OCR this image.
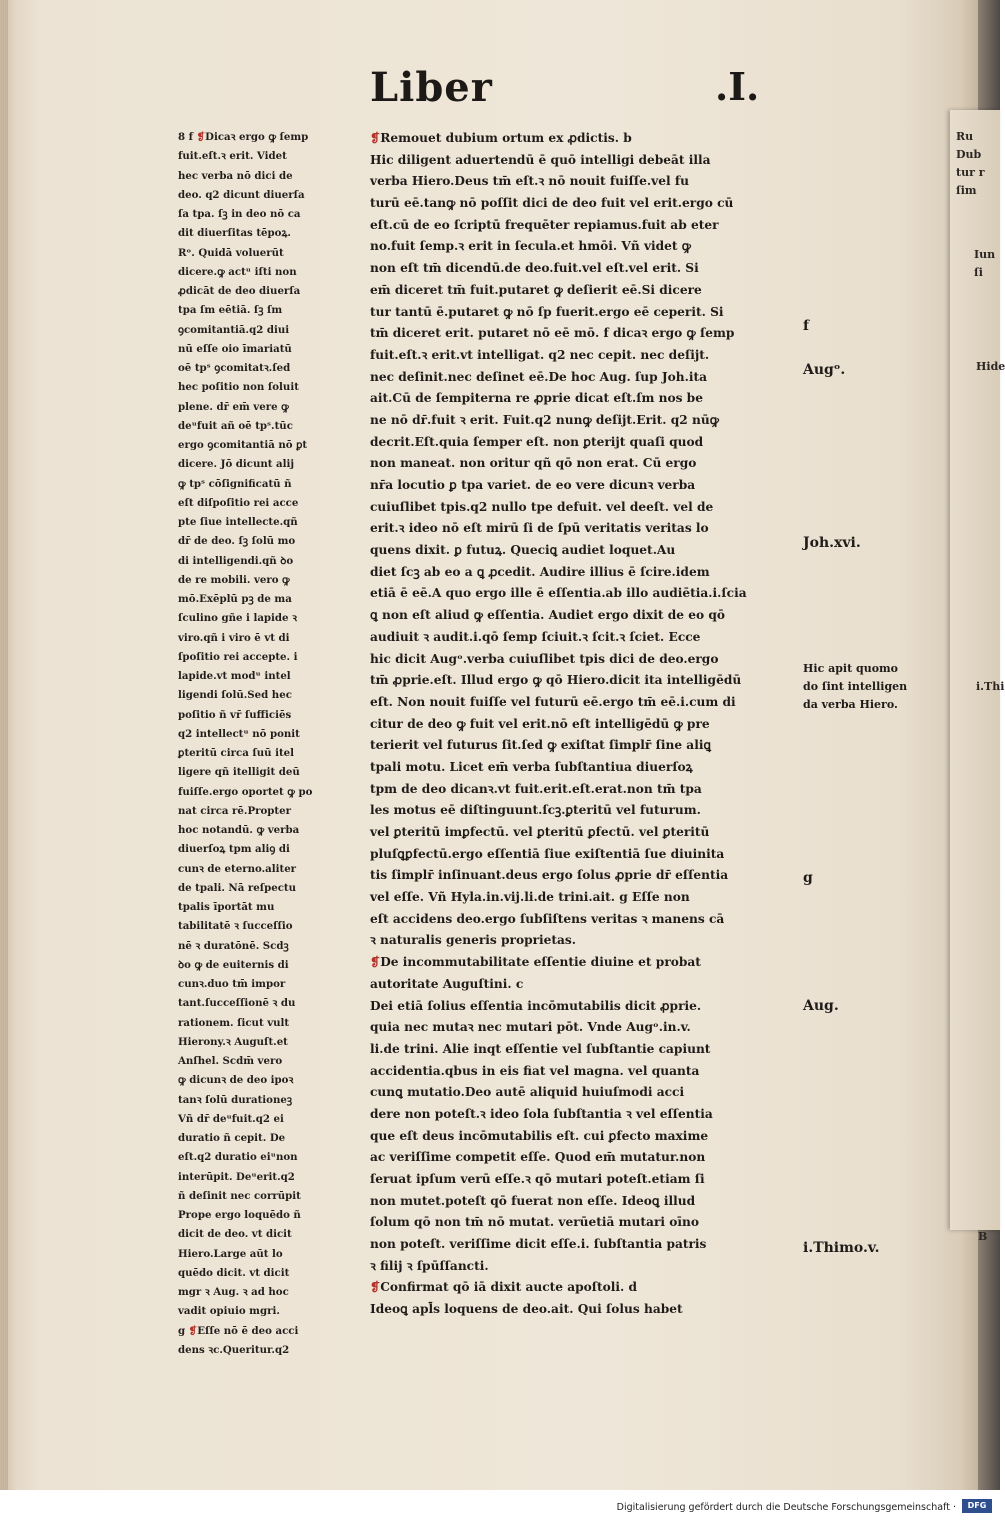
Liber	.I.
8 f ❡Dicaꝛ ergo ꝙ ſemp
fuit.eſt.ꝛ erit. Videt
hec verba nō dici de
deo. q2 dicunt diuerſa
ſa tpa. ſꝫ in deo nō ca
dit diuerſitas tēpoꝝ.
Rᵒ. Quidā voluerūt
dicere.ꝙ actᵘ iſti non
ꝓdicāt de deo diuerſa
tpa ſm eētiā. ſꝫ ſm
ꝯcomitantiā.q2 diui
nū eſſe oio īmariatū
oē tpˢ ꝯcomitatꝛ.ſed
hec poſitio non ſoluit
plene. dr̄ em̄ vere ꝙ
deᵘfuit añ oē tpˢ.tūc
ergo ꝯcomitantiā nō ꝑt
dicere. Jō dicunt alij
ꝙ tpˢ cōſignificatū ñ
eſt diſpoſitio rei acce
pte ſiue intellecte.qñ
dr̄ de deo. ſꝫ ſolū mo
di intelligendi.qñ ꝺo
de re mobili. vero ꝙ
mō.Exēplū pꝫ de ma
ſculino gñe i lapide ꝛ
viro.qñ i viro ē vt di
ſpoſitio rei accepte. i
lapide.vt modᵘ intel
ligendi ſolū.Sed hec
poſitio ñ vr̄ ſufficiēs
q2 intellectᵘ nō ponit
ꝑteritū circa ſuū itel
ligere qñ itelligit deū
fuiſſe.ergo oportet ꝙ po
nat circa rē.Propter
hoc notandū. ꝙ verba
diuerſoꝝ tpm aliꝯ di
cunꝛ de eterno.aliter
de tpali. Nā reſpectu
tpalis īportāt mu
tabilitatē ꝛ ſucceſſio
nē ꝛ duratōnē. Scdꝫ
ꝺo ꝙ de euiternis di
cunꝛ.duo tm̄ impor
tant.ſucceſſionē ꝛ du
rationem. ſicut vult
Hierony.ꝛ Auguſt.et
Anſhel. Scdm̄ vero
ꝙ dicunꝛ de deo ipoꝛ
tanꝛ ſolū durationeꝫ
Vñ dr̄ deᵘfuit.q2 ei
duratio ñ cepit. De
eſt.q2 duratio eiᵘnon
interūpit. Deᵘerit.q2
ñ deſinit nec corrūpit
Prope ergo loquēdo ñ
dicit de deo. vt dicit
Hiero.Large aūt lo
quēdo dicit. vt dicit
mgr ꝛ Aug. ꝛ ad hoc
vadit opiuio mgri.
g ❡Eſſe nō ē deo acci
dens ꝛc.Queritur.q2
❡Remouet dubium ortum ex ꝓdictis. b
Hic diligent aduertendū ē quō intelligi debeāt illa
verba Hiero.Deus tm̄ eſt.ꝛ nō nouit fuiſſe.vel fu
turū eē.tanꝙ nō poſſit dici de deo fuit vel erit.ergo cū
eſt.cū de eo ſcriptū frequēter repiamus.fuit ab eter
no.fuit ſemp.ꝛ erit in ſecula.et hmōi. Vñ videt ꝙ
non eſt tm̄ dicendū.de deo.fuit.vel eſt.vel erit. Si
em̄ diceret tm̄ fuit.putaret ꝙ deſierit eē.Si dicere
tur tantū ē.putaret ꝙ nō ſp fuerit.ergo eē ceperit. Si
tm̄ diceret erit. putaret nō eē mō. f dicaꝛ ergo ꝙ ſemp
fuit.eſt.ꝛ erit.vt intelligat. q2 nec cepit. nec deſijt.
nec deſinit.nec deſinet eē.De hoc Aug. ſup Joh.ita
ait.Cū de ſempiterna re ꝓprie dicat eſt.ſm nos be
ne nō dr̄.fuit ꝛ erit. Fuit.q2 nunꝙ deſijt.Erit. q2 nūꝙ
decrit.Eſt.quia ſemper eſt. non ꝑterijt quaſi quod
non maneat. non oritur qñ qō non erat. Cū ergo
nr̄a locutio ꝑ tpa variet. de eo vere dicunꝛ verba
cuiuſlibet tpis.q2 nullo tpe defuit. vel deeſt. vel de
erit.ꝛ ideo nō eſt mirū ſi de ſpū veritatis veritas lo
quens dixit. ꝑ futuꝝ. Queciꝗ audiet loquet.Au
diet ſcꝫ ab eo a ꝗ ꝓcedit. Audire illius ē ſcire.idem
etiā ē eē.A quo ergo ille ē eſſentia.ab illo audiētia.i.ſcia
ꝗ non eſt aliud ꝙ eſſentia. Audiet ergo dixit de eo qō
audiuit ꝛ audit.i.qō ſemp ſciuit.ꝛ ſcit.ꝛ ſciet. Ecce
hic dicit Augᵒ.verba cuiuſlibet tpis dici de deo.ergo
tm̄ ꝓprie.eſt. Illud ergo ꝙ qō Hiero.dicit ita intelligēdū
eſt. Non nouit fuiſſe vel futurū eē.ergo tm̄ eē.i.cum di
citur de deo ꝙ fuit vel erit.nō eſt intelligēdū ꝙ pre
terierit vel futurus ſit.ſed ꝙ exiſtat ſimplr̄ ſine aliꝗ
tpali motu. Licet em̄ verba ſubſtantiua diuerſoꝝ
tpm de deo dicanꝛ.vt fuit.erit.eſt.erat.non tm̄ tpa
les motus eē diſtinguunt.ſcꝫ.ꝑteritū vel futurum.
vel ꝑteritū imꝑfectū. vel ꝑteritū ꝑfectū. vel ꝑteritū
pluſꝗꝑfectū.ergo eſſentiā ſiue exiſtentiā ſue diuinita
tis ſimplr̄ inſinuant.deus ergo ſolus ꝓprie dr̄ eſſentia
vel eſſe. Vñ Hyla.in.vij.li.de trini.ait. g Eſſe non
eſt accidens deo.ergo ſubſiſtens veritas ꝛ manens cā
ꝛ naturalis generis proprietas.
❡De incommutabilitate eſſentie diuine et probat
autoritate Auguſtini. c
Dei etiā ſolius eſſentia incōmutabilis dicit ꝓprie.
quia nec mutaꝛ nec mutari pōt. Vnde Augᵒ.in.v.
li.de trini. Alie inqt eſſentie vel ſubſtantie capiunt
accidentia.qbus in eis fiat vel magna. vel quanta
cunꝗ mutatio.Deo autē aliquid huiuſmodi acci
dere non poteſt.ꝛ ideo ſola ſubſtantia ꝛ vel eſſentia
que eſt deus incōmutabilis eſt. cui ꝑfecto maxime
ac veriſſime competit eſſe. Quod em̄ mutatur.non
ſeruat ipſum verū eſſe.ꝛ qō mutari poteſt.etiam ſi
non mutet.poteſt qō fuerat non eſſe. Ideoꝗ illud
ſolum qō non tm̄ nō mutat. verūetiā mutari oīno
non poteſt. veriſſime dicit eſſe.i. ſubſtantia patris
ꝛ filij ꝛ ſpūſſancti.
❡Confirmat qō iā dixit aucte apoſtoli. d
Ideoꝗ apl̄s loquens de deo.ait. Qui ſolus habet
f
Augᵒ.
Joh.xvi.
Hic apit quomo
do ſint intelligen
da verba Hiero.
g
Aug.
i.Thimo.v.
Ru
Dub
tur r
ſim
Iun
ſi
Hide
i.Thi
B
Digitalisierung gefördert durch die Deutsche Forschungsgemeinschaft ·	DFG
